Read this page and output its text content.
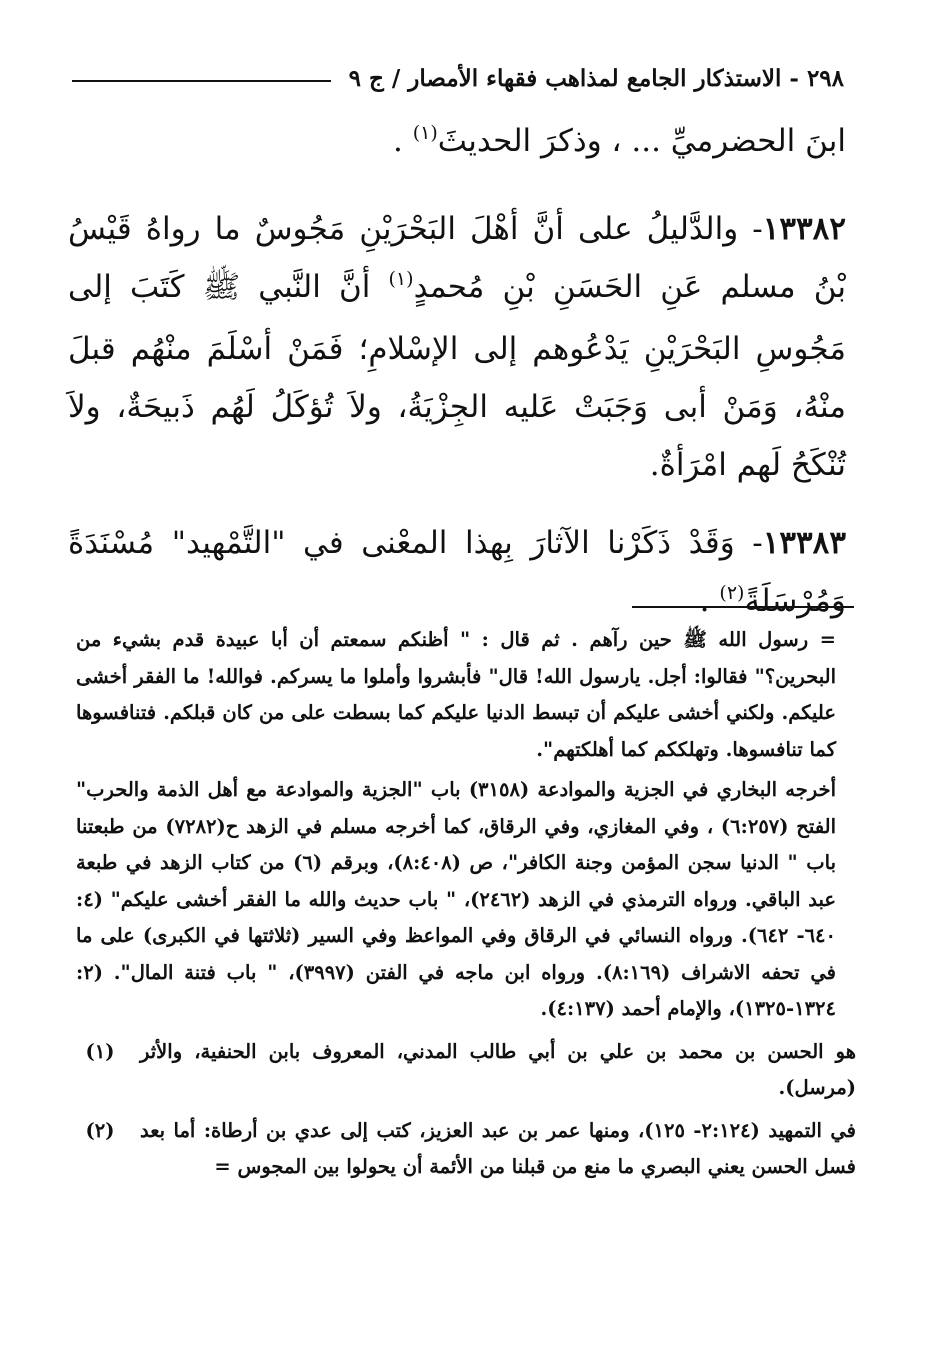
٢٩٨ - الاستذكار الجامع لمذاهب فقهاء الأمصار / ج ٩

ابنَ الحضرميِّ ... ، وذكرَ الحديثَ$^{(١)}$ .

١٣٣٨٢- والدَّليلُ على أنَّ أهْلَ البَحْرَيْنِ مَجُوسٌ ما رواهُ قَيْسُ بْنُ مسلم عَنِ الحَسَنِ بْنِ مُحمدٍ$^{(١)}$ أنَّ النَّبي ﷺ كَتَبَ إلى مَجُوسِ البَحْرَيْنِ يَدْعُوهم إلى الإسْلامِ؛ فَمَنْ أسْلَمَ منْهُم قبلَ منْهُ، وَمَنْ أبى وَجَبَتْ عَليه الجِزْيَةُ، ولاَ تُؤكَلُ لَهُم ذَبيحَةٌ، ولاَ تُنْكَحُ لَهم امْرَأةٌ.

١٣٣٨٣- وَقَدْ ذَكَرْنا الآثارَ بِهذا المعْنى في "التَّمْهيد" مُسْنَدَةً وَمُرْسَلَةً$^{(٢)}$ .

= رسول الله ﷺ حين رآهم . ثم قال : " أظنكم سمعتم أن أبا عبيدة قدم بشيء من البحرين؟" فقالوا: أجل. يارسول الله! قال" فأبشروا وأملوا ما يسركم. فوالله! ما الفقر أخشى عليكم. ولكني أخشى عليكم أن تبسط الدنيا عليكم كما بسطت على من كان قبلكم. فتنافسوها كما تنافسوها. وتهلككم كما أهلكتهم".

أخرجه البخاري في الجزية والموادعة (٣١٥٨) باب "الجزية والموادعة مع أهل الذمة والحرب" الفتح (٦:٢٥٧) ، وفي المغازي، وفي الرقاق، كما أخرجه مسلم في الزهد ح(٧٢٨٢) من طبعتنا باب " الدنيا سجن المؤمن وجنة الكافر"، ص (٨:٤٠٨)، وبرقم (٦) من كتاب الزهد في طبعة عبد الباقي. ورواه الترمذي في الزهد (٢٤٦٢)، " باب حديث والله ما الفقر أخشى عليكم" (٤: ٦٤٠- ٦٤٢). ورواه النسائي في الرقاق وفي المواعظ وفي السير (ثلاثتها في الكبرى) على ما في تحفه الاشراف (٨:١٦٩). ورواه ابن ماجه في الفتن (٣٩٩٧)، " باب فتنة المال". (٢: ١٣٢٤-١٣٢٥)، والإمام أحمد (٤:١٣٧).

(١)	هو الحسن بن محمد بن علي بن أبي طالب المدني، المعروف بابن الحنفية، والأثر (مرسل).
(٢)	في التمهيد (٢:١٢٤- ١٢٥)، ومنها عمر بن عبد العزيز، كتب إلى عدي بن أرطاة: أما بعد فسل الحسن يعني البصري ما منع من قبلنا من الأئمة أن يحولوا بين المجوس =
